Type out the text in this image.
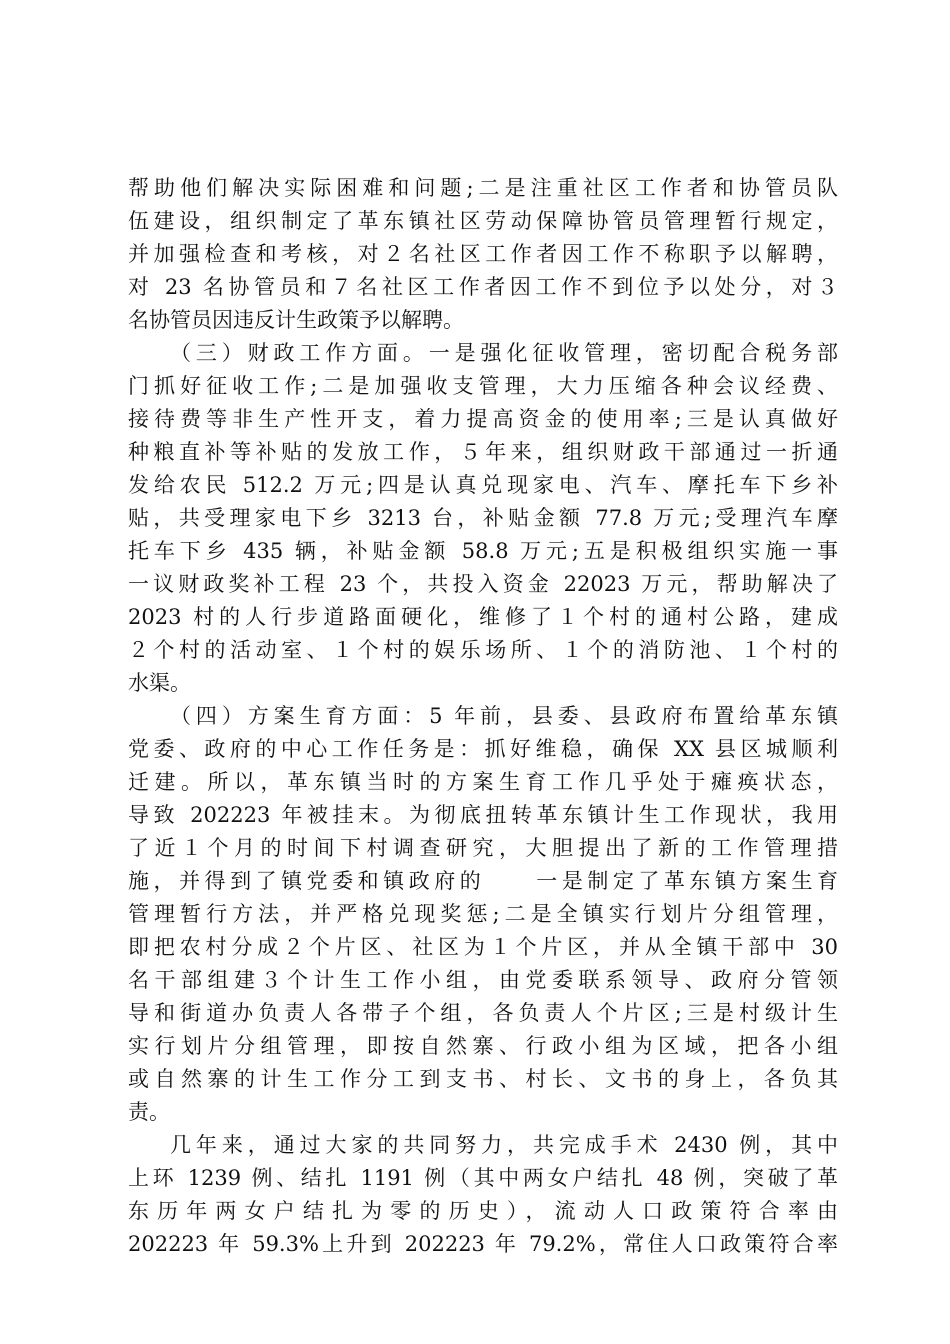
帮助他们解决实际困难和问题;二是注重社区工作者和协管员队
伍建设，组织制定了革东镇社区劳动保障协管员管理暂行规定，
并加强检查和考核，对２名社区工作者因工作不称职予以解聘，
对 23 名协管员和７名社区工作者因工作不到位予以处分，对３
名协管员因违反计生政策予以解聘。
（三）财政工作方面。一是强化征收管理，密切配合税务部
门抓好征收工作;二是加强收支管理，大力压缩各种会议经费、
接待费等非生产性开支，着力提高资金的使用率;三是认真做好
种粮直补等补贴的发放工作，５年来，组织财政干部通过一折通
发给农民 512.2 万元;四是认真兑现家电、汽车、摩托车下乡补
贴，共受理家电下乡 3213 台，补贴金额 77.8 万元;受理汽车摩
托车下乡 435 辆，补贴金额 58.8 万元;五是积极组织实施一事
一议财政奖补工程 23 个，共投入资金 22023 万元，帮助解决了
2023 村的人行步道路面硬化，维修了１个村的通村公路，建成
２个村的活动室、１个村的娱乐场所、１个的消防池、１个村的
水渠。
（四）方案生育方面：5 年前，县委、县政府布置给革东镇
党委、政府的中心工作任务是：抓好维稳，确保 XX 县区城顺利
迁建。所以，革东镇当时的方案生育工作几乎处于瘫痪状态，
导致 202223 年被挂末。为彻底扭转革东镇计生工作现状，我用
了近１个月的时间下村调查研究，大胆提出了新的工作管理措
施，并得到了镇党委和镇政府的　　一是制定了革东镇方案生育
管理暂行方法，并严格兑现奖惩;二是全镇实行划片分组管理，
即把农村分成２个片区、社区为１个片区，并从全镇干部中 30
名干部组建３个计生工作小组，由党委联系领导、政府分管领
导和街道办负责人各带子个组，各负责人个片区;三是村级计生
实行划片分组管理，即按自然寨、行政小组为区域，把各小组
或自然寨的计生工作分工到支书、村长、文书的身上，各负其
责。
几年来，通过大家的共同努力，共完成手术 2430 例，其中
上环 1239 例、结扎 1191 例（其中两女户结扎 48 例，突破了革
东历年两女户结扎为零的历史），流动人口政策符合率由
202223 年 59.3%上升到 202223 年 79.2%，常住人口政策符合率
